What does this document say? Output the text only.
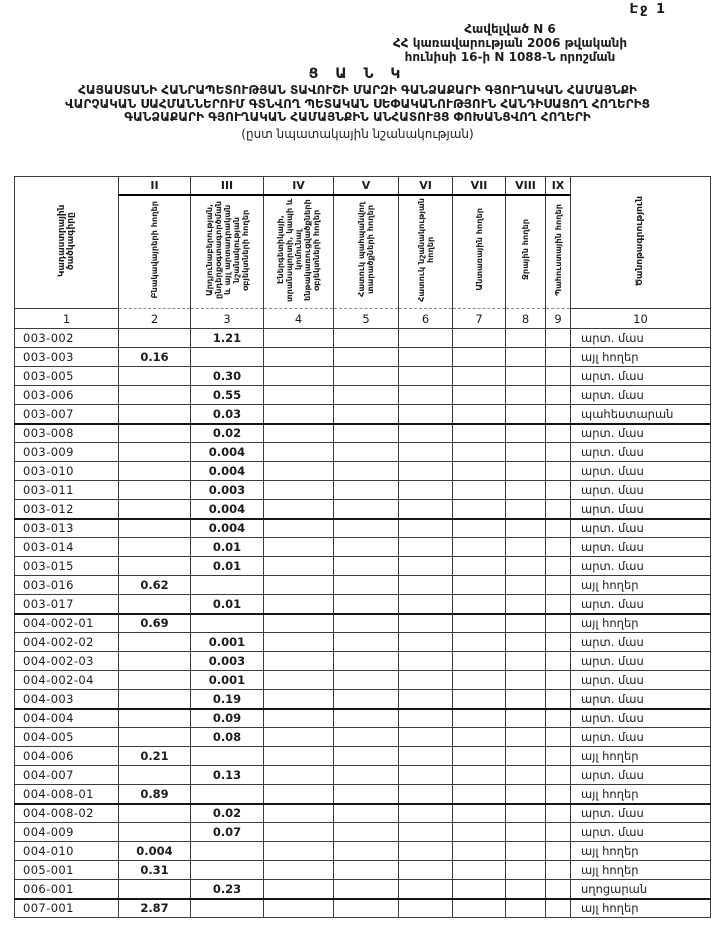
Էջ 1
Հավելված N 6
ՀՀ կառավարության 2006 թվականի
հունիսի 16-ի N 1088-Ն որոշման
Ց Ա Ն Կ
ՀԱՅԱՍՏԱՆԻ ՀԱՆՐԱՊԵՏՈՒԹՅԱՆ ՏԱՎՈՒՇԻ ՄԱՐԶԻ ԳԱՆՁԱՔԱՐԻ ԳՅՈՒՂԱԿԱՆ ՀԱՄԱՅՆՔԻ
ՎԱՐՉԱԿԱՆ ՍԱՀՄԱՆՆԵՐՈՒՄ ԳՏՆՎՈՂ ՊԵՏԱԿԱՆ ՍԵՓԱԿԱՆՈՒԹՅՈՒՆ ՀԱՆԴԻՍԱՑՈՂ ՀՈՂԵՐԻՑ
ԳԱՆՁԱՔԱՐԻ ԳՅՈՒՂԱԿԱՆ ՀԱՄԱՅՆՔԻՆ ԱՆՀԱՏՈՒՅՑ ՓՈԽԱՆՑՎՈՂ ՀՈՂԵՐԻ
(ըստ նպատակային նշանակության)
Կադաստրային ծածկագիրը	II	III	IV	V	VI	VII	VIII	IX	Ծանոթագրություն
	Բնակավայրերի հողեր	Արդյունաբերության, ընդերքօգտագործման և այլ արտադրական նշանակության օբյեկտների հողեր	Էներգետիկայի, տրանսպորտի, կապի և կոմունալ ենթակառուցվածքների օբյեկտների հողեր	Հատուկ պահպանվող տարածքների հողեր	Հատուկ նշանակության հողեր	Անտառային հողեր	Ջրային հողեր	Պահուստային հողեր	
1	2	3	4	5	6	7	8	9	10
003-002		1.21							արտ. մաս
003-003	0.16								այլ հողեր
003-005		0.30							արտ. մաս
003-006		0.55							արտ. մաս
003-007		0.03							պահեստարան
003-008		0.02							արտ. մաս
003-009		0.004							արտ. մաս
003-010		0.004							արտ. մաս
003-011		0.003							արտ. մաս
003-012		0.004							արտ. մաս
003-013		0.004							արտ. մաս
003-014		0.01							արտ. մաս
003-015		0.01							արտ. մաս
003-016	0.62								այլ հողեր
003-017		0.01							արտ. մաս
004-002-01	0.69								այլ հողեր
004-002-02		0.001							արտ. մաս
004-002-03		0.003							արտ. մաս
004-002-04		0.001							արտ. մաս
004-003		0.19							արտ. մաս
004-004		0.09							արտ. մաս
004-005		0.08							արտ. մաս
004-006	0.21								այլ հողեր
004-007		0.13							արտ. մաս
004-008-01	0.89								այլ հողեր
004-008-02		0.02							արտ. մաս
004-009		0.07							արտ. մաս
004-010	0.004								այլ հողեր
005-001	0.31								այլ հողեր
006-001		0.23							սղոցարան
007-001	2.87								այլ հողեր
